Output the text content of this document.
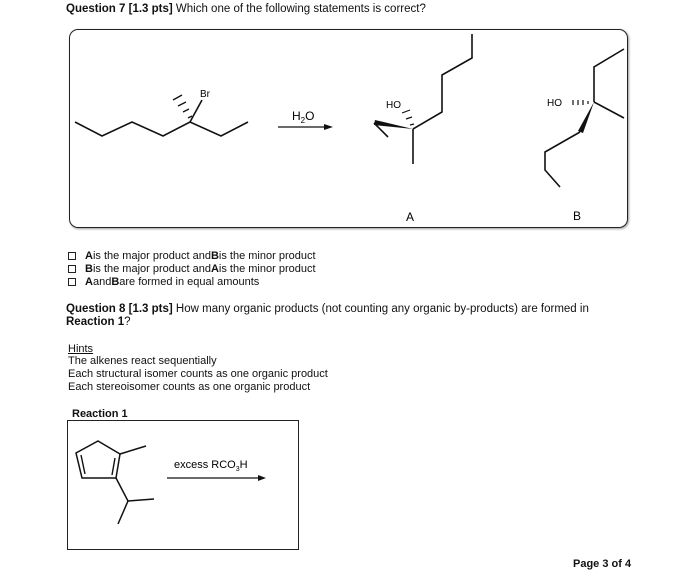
Question 7 [1.3 pts] Which one of the following statements is correct?
Br
$H_2O$
HO
A
HO
B
A is the major product and B is the minor product
B is the major product and A is the minor product
A and B are formed in equal amounts
Question 8 [1.3 pts] How many organic products (not counting any organic by-products) are formed in
Reaction 1?
Hints
The alkenes react sequentially
Each structural isomer counts as one organic product
Each stereoisomer counts as one organic product
Reaction 1
excess $RCO_3H$
Page 3 of 4
